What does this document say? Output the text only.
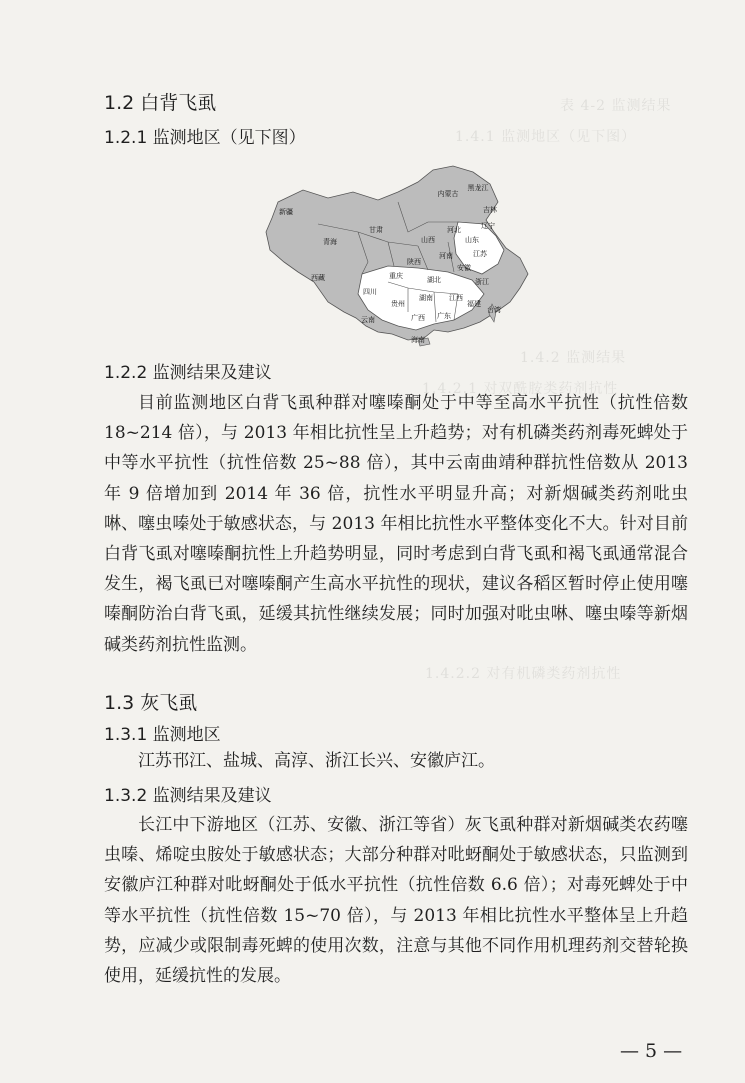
表 4-2 监测结果
1.4.1 监测地区（见下图）
1.4.2 监测结果
1.4.2.1 对双酰胺类药剂抗性
1.4.2.2 对有机磷类药剂抗性
1.2 白背飞虱
1.2.1 监测地区（见下图）
新疆
西藏
青海
甘肃
内蒙古
四川
云南
贵州
广西 广东
湖南
湖北
江西
浙江
江苏
安徽
福建
台湾
海南
黑龙江
吉林
辽宁
河北
山东
河南
陕西
山西
重庆
1.2.2 监测结果及建议

目前监测地区白背飞虱种群对噻嗪酮处于中等至高水平抗性（抗性倍数 18~214 倍），与 2013 年相比抗性呈上升趋势；对有机磷类药剂毒死蜱处于中等水平抗性（抗性倍数 25~88 倍），其中云南曲靖种群抗性倍数从 2013 年 9 倍增加到 2014 年 36 倍，抗性水平明显升高；对新烟碱类药剂吡虫啉、噻虫嗪处于敏感状态，与 2013 年相比抗性水平整体变化不大。针对目前白背飞虱对噻嗪酮抗性上升趋势明显，同时考虑到白背飞虱和褐飞虱通常混合发生，褐飞虱已对噻嗪酮产生高水平抗性的现状，建议各稻区暂时停止使用噻嗪酮防治白背飞虱，延缓其抗性继续发展；同时加强对吡虫啉、噻虫嗪等新烟碱类药剂抗性监测。

1.3 灰飞虱
1.3.1 监测地区

江苏邗江、盐城、高淳、浙江长兴、安徽庐江。

1.3.2 监测结果及建议

长江中下游地区（江苏、安徽、浙江等省）灰飞虱种群对新烟碱类农药噻虫嗪、烯啶虫胺处于敏感状态；大部分种群对吡蚜酮处于敏感状态，只监测到安徽庐江种群对吡蚜酮处于低水平抗性（抗性倍数 6.6 倍）；对毒死蜱处于中等水平抗性（抗性倍数 15~70 倍），与 2013 年相比抗性水平整体呈上升趋势，应减少或限制毒死蜱的使用次数，注意与其他不同作用机理药剂交替轮换使用，延缓抗性的发展。

— 5 —
